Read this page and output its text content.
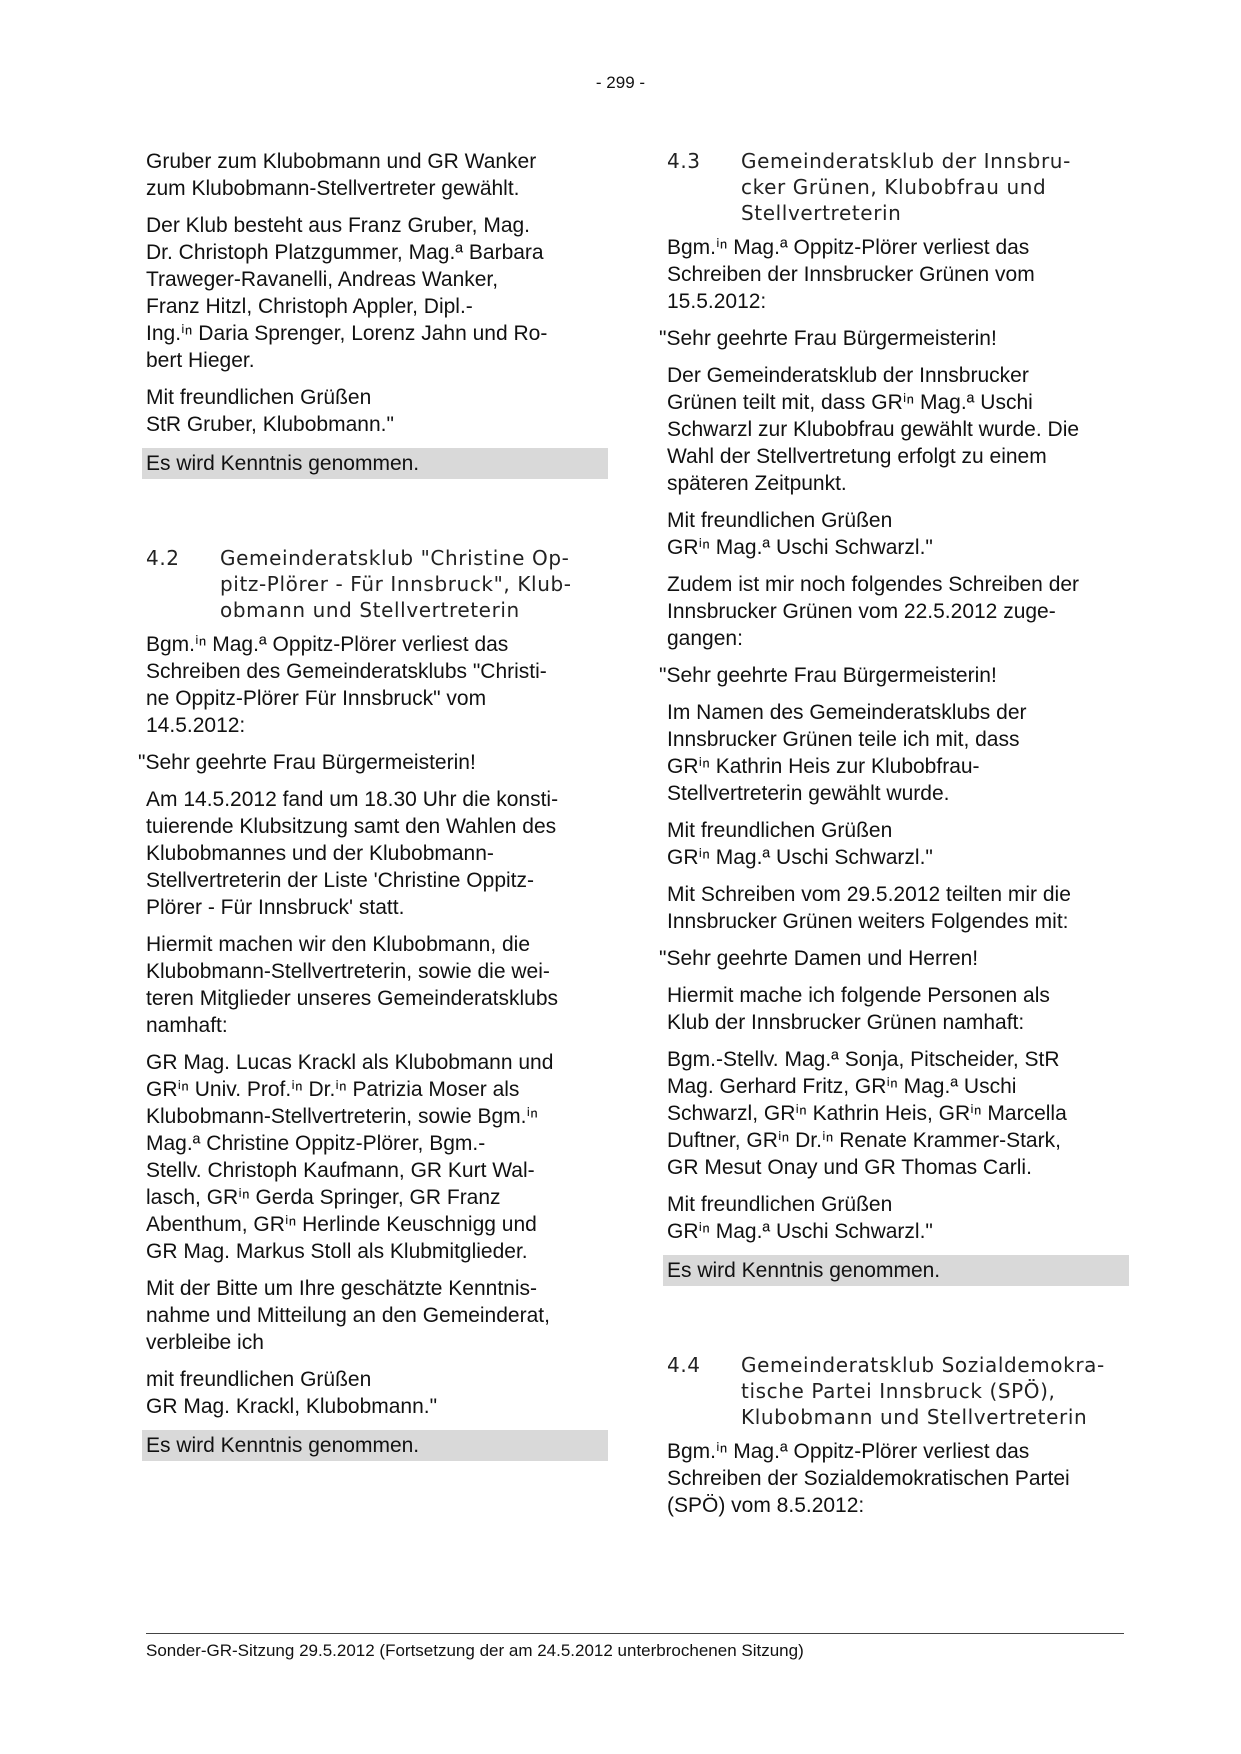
- 299 -
Gruber zum Klubobmann und GR Wanker
zum Klubobmann-Stellvertreter gewählt.
Der Klub besteht aus Franz Gruber, Mag.
Dr. Christoph Platzgummer, Mag.ª Barbara
Traweger-Ravanelli, Andreas Wanker,
Franz Hitzl, Christoph Appler, Dipl.-
Ing.ⁱⁿ Daria Sprenger, Lorenz Jahn und Ro-
bert Hieger.
Mit freundlichen Grüßen
StR Gruber, Klubobmann."
Es wird Kenntnis genommen.
4.2	Gemeinderatsklub "Christine Op-
pitz-Plörer - Für Innsbruck", Klub-
obmann und Stellvertreterin
Bgm.ⁱⁿ Mag.ª Oppitz-Plörer verliest das
Schreiben des Gemeinderatsklubs "Christi-
ne Oppitz-Plörer Für Innsbruck" vom
14.5.2012:
"Sehr geehrte Frau Bürgermeisterin!
Am 14.5.2012 fand um 18.30 Uhr die konsti-
tuierende Klubsitzung samt den Wahlen des
Klubobmannes und der Klubobmann-
Stellvertreterin der Liste 'Christine Oppitz-
Plörer - Für Innsbruck' statt.
Hiermit machen wir den Klubobmann, die
Klubobmann-Stellvertreterin, sowie die wei-
teren Mitglieder unseres Gemeinderatsklubs
namhaft:
GR Mag. Lucas Krackl als Klubobmann und
GRⁱⁿ Univ. Prof.ⁱⁿ Dr.ⁱⁿ Patrizia Moser als
Klubobmann-Stellvertreterin, sowie Bgm.ⁱⁿ
Mag.ª Christine Oppitz-Plörer, Bgm.-
Stellv. Christoph Kaufmann, GR Kurt Wal-
lasch, GRⁱⁿ Gerda Springer, GR Franz
Abenthum, GRⁱⁿ Herlinde Keuschnigg und
GR Mag. Markus Stoll als Klubmitglieder.
Mit der Bitte um Ihre geschätzte Kenntnis-
nahme und Mitteilung an den Gemeinderat,
verbleibe ich
mit freundlichen Grüßen
GR Mag. Krackl, Klubobmann."
Es wird Kenntnis genommen.
4.3	Gemeinderatsklub der Innsbru-
cker Grünen, Klubobfrau und
Stellvertreterin
Bgm.ⁱⁿ Mag.ª Oppitz-Plörer verliest das
Schreiben der Innsbrucker Grünen vom
15.5.2012:
"Sehr geehrte Frau Bürgermeisterin!
Der Gemeinderatsklub der Innsbrucker
Grünen teilt mit, dass GRⁱⁿ Mag.ª Uschi
Schwarzl zur Klubobfrau gewählt wurde. Die
Wahl der Stellvertretung erfolgt zu einem
späteren Zeitpunkt.
Mit freundlichen Grüßen
GRⁱⁿ Mag.ª Uschi Schwarzl."
Zudem ist mir noch folgendes Schreiben der
Innsbrucker Grünen vom 22.5.2012 zuge-
gangen:
"Sehr geehrte Frau Bürgermeisterin!
Im Namen des Gemeinderatsklubs der
Innsbrucker Grünen teile ich mit, dass
GRⁱⁿ Kathrin Heis zur Klubobfrau-
Stellvertreterin gewählt wurde.
Mit freundlichen Grüßen
GRⁱⁿ Mag.ª Uschi Schwarzl."
Mit Schreiben vom 29.5.2012 teilten mir die
Innsbrucker Grünen weiters Folgendes mit:
"Sehr geehrte Damen und Herren!
Hiermit mache ich folgende Personen als
Klub der Innsbrucker Grünen namhaft:
Bgm.-Stellv. Mag.ª Sonja, Pitscheider, StR
Mag. Gerhard Fritz, GRⁱⁿ Mag.ª Uschi
Schwarzl, GRⁱⁿ Kathrin Heis, GRⁱⁿ Marcella
Duftner, GRⁱⁿ Dr.ⁱⁿ Renate Krammer-Stark,
GR Mesut Onay und GR Thomas Carli.
Mit freundlichen Grüßen
GRⁱⁿ Mag.ª Uschi Schwarzl."
Es wird Kenntnis genommen.
4.4	Gemeinderatsklub Sozialdemokra-
tische Partei Innsbruck (SPÖ),
Klubobmann und Stellvertreterin
Bgm.ⁱⁿ Mag.ª Oppitz-Plörer verliest das
Schreiben der Sozialdemokratischen Partei
(SPÖ) vom 8.5.2012:
Sonder-GR-Sitzung 29.5.2012 (Fortsetzung der am 24.5.2012 unterbrochenen Sitzung)
